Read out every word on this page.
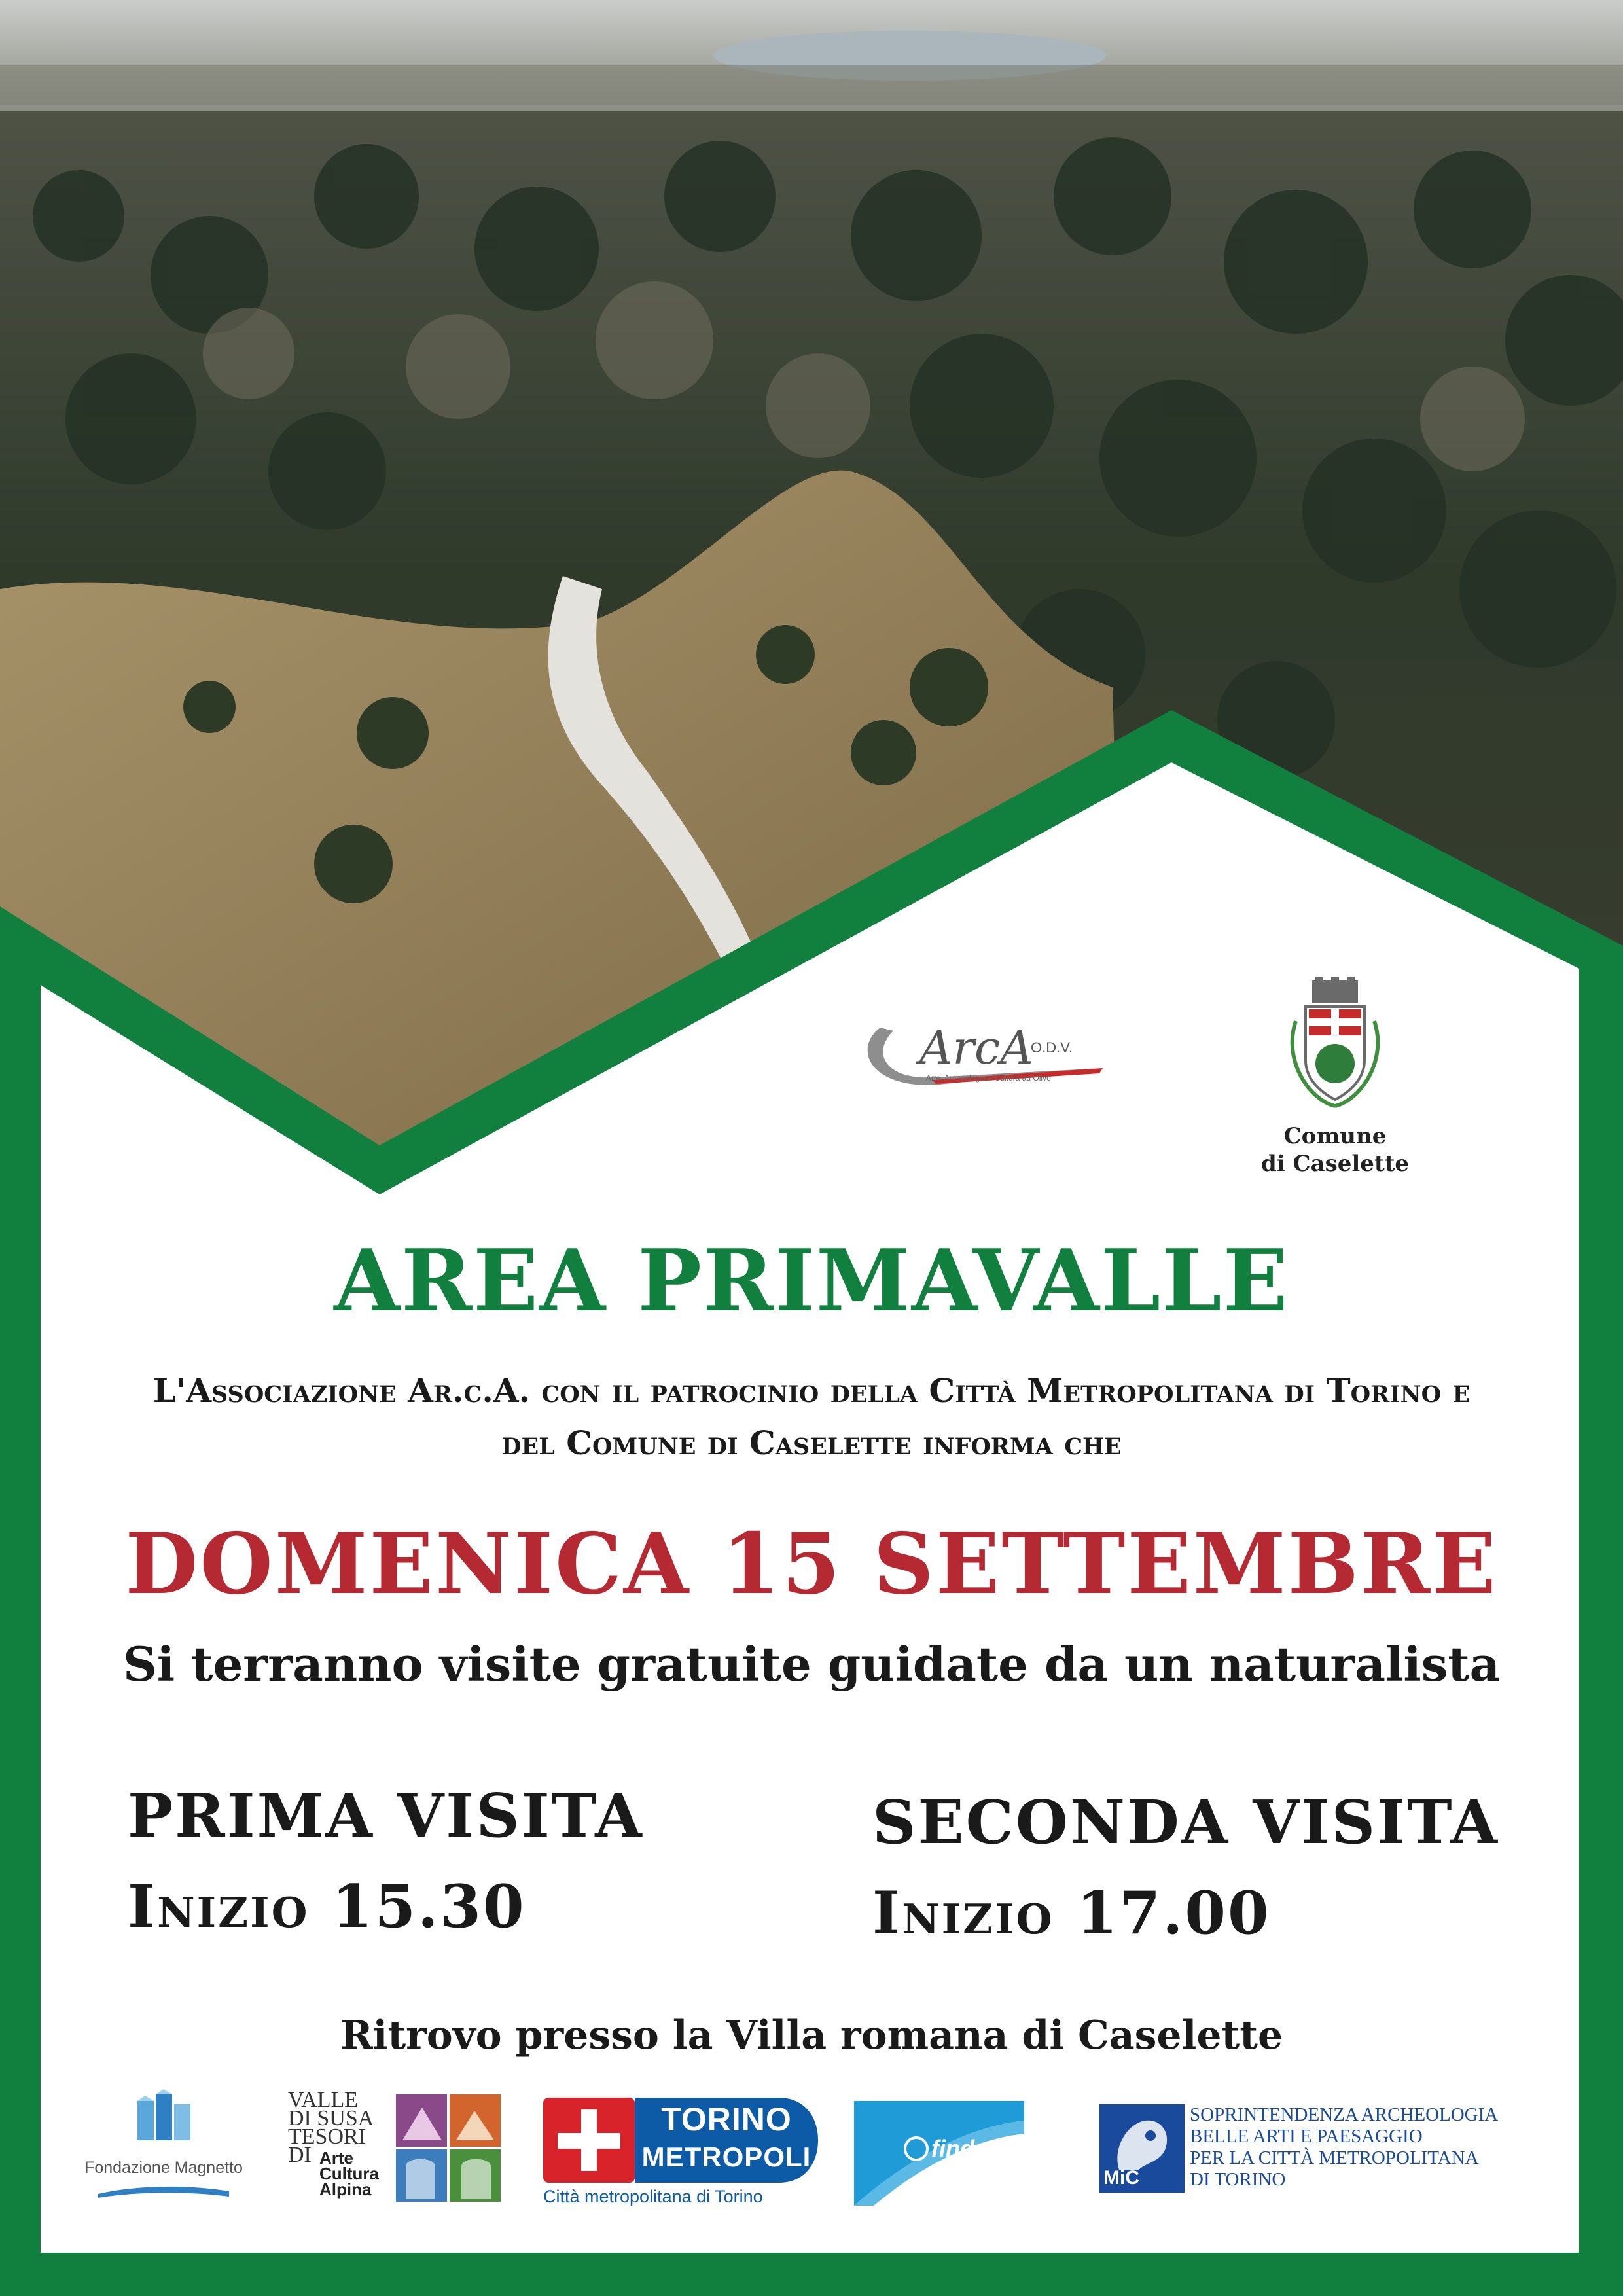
ArcA
O.D.V.
Arte, Archeologia e Cultura ad Olivo
Comune
di Caselette
AREA PRIMAVALLE
L'Associazione Ar.c.A. con il patrocinio della Città Metropolitana di Torino e
del Comune di Caselette informa che
DOMENICA 15 SETTEMBRE
Si terranno visite gratuite guidate da un naturalista
PRIMA VISITA
Inizio 15.30
SECONDA VISITA
Inizio 17.00
Ritrovo presso la Villa romana di Caselette
Fondazione Magnetto
VALLE
DI SUSA
TESORI
DI Arte
Cultura
Alpina
TORINO
METROPOLI
Città metropolitana di Torino
finder
SWITCH TO THE FUTURE
MiC
SOPRINTENDENZA ARCHEOLOGIA
BELLE ARTI E PAESAGGIO
PER LA CITTÀ METROPOLITANA
DI TORINO
